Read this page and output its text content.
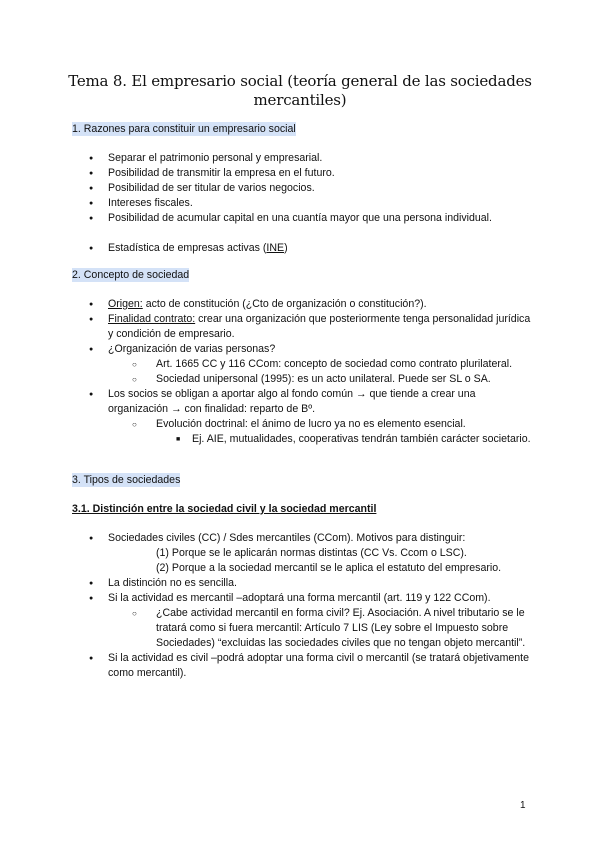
Tema 8. El empresario social (teoría general de las sociedades mercantiles)
1. Razones para constituir un empresario social
● Separar el patrimonio personal y empresarial.
● Posibilidad de transmitir la empresa en el futuro.
● Posibilidad de ser titular de varios negocios.
● Intereses fiscales.
● Posibilidad de acumular capital en una cuantía mayor que una persona individual.
● Estadística de empresas activas (INE)
2. Concepto de sociedad
● Origen: acto de constitución (¿Cto de organización o constitución?).
● Finalidad contrato: crear una organización que posteriormente tenga personalidad jurídica y condición de empresario.
● ¿Organización de varias personas?
○ Art. 1665 CC y 116 CCom: concepto de sociedad como contrato plurilateral.
○ Sociedad unipersonal (1995): es un acto unilateral. Puede ser SL o SA.
● Los socios se obligan a aportar algo al fondo común → que tiende a crear una organización → con finalidad: reparto de Bº.
○ Evolución doctrinal: el ánimo de lucro ya no es elemento esencial.
■ Ej. AIE, mutualidades, cooperativas tendrán también carácter societario.
3. Tipos de sociedades
3.1. Distinción entre la sociedad civil y la sociedad mercantil
● Sociedades civiles (CC) / Sdes mercantiles (CCom). Motivos para distinguir:
(1) Porque se le aplicarán normas distintas (CC Vs. Ccom o LSC).
(2) Porque a la sociedad mercantil se le aplica el estatuto del empresario.
● La distinción no es sencilla.
● Si la actividad es mercantil –adoptará una forma mercantil (art. 119 y 122 CCom).
○ ¿Cabe actividad mercantil en forma civil? Ej. Asociación. A nivel tributario se le tratará como si fuera mercantil: Artículo 7 LIS (Ley sobre el Impuesto sobre Sociedades) “excluidas las sociedades civiles que no tengan objeto mercantil”.
● Si la actividad es civil –podrá adoptar una forma civil o mercantil (se tratará objetivamente como mercantil).
1
